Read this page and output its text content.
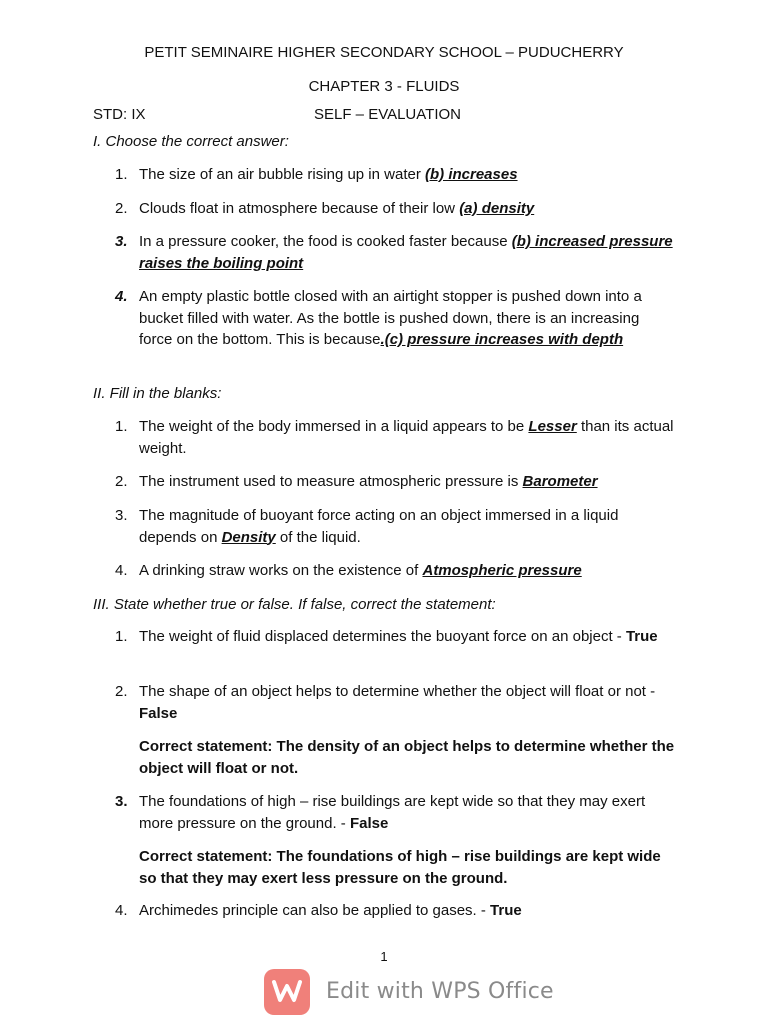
PETIT SEMINAIRE HIGHER SECONDARY SCHOOL – PUDUCHERRY
CHAPTER 3 - FLUIDS
STD: IX	SELF – EVALUATION
I. Choose the correct answer:
1. The size of an air bubble rising up in water (b) increases
2. Clouds float in atmosphere because of their low (a) density
3. In a pressure cooker, the food is cooked faster because (b) increased pressure raises the boiling point
4. An empty plastic bottle closed with an airtight stopper is pushed down into a bucket filled with water. As the bottle is pushed down, there is an increasing force on the bottom. This is because.(c) pressure increases with depth
II. Fill in the blanks:
1. The weight of the body immersed in a liquid appears to be Lesser than its actual weight.
2. The instrument used to measure atmospheric pressure is Barometer
3. The magnitude of buoyant force acting on an object immersed in a liquid depends on Density of the liquid.
4. A drinking straw works on the existence of Atmospheric pressure
III. State whether true or false. If false, correct the statement:
1. The weight of fluid displaced determines the buoyant force on an object - True
2. The shape of an object helps to determine whether the object will float or not - False
Correct statement: The density of an object helps to determine whether the object will float or not.
3. The foundations of high – rise buildings are kept wide so that they may exert more pressure on the ground. - False
Correct statement: The foundations of high – rise buildings are kept wide so that they may exert less pressure on the ground.
4. Archimedes principle can also be applied to gases. - True
1
Edit with WPS Office
